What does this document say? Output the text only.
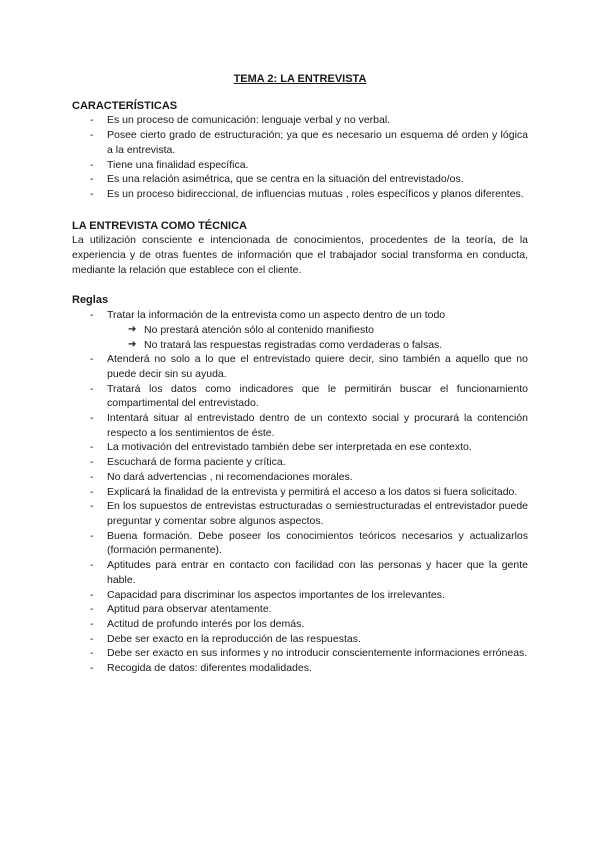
TEMA 2: LA ENTREVISTA

CARACTERÍSTICAS

- Es un proceso de comunicación: lenguaje verbal y no verbal.
- Posee cierto grado de estructuración; ya que es necesario un esquema dé orden y lógica a la entrevista.
- Tiene una finalidad específica.
- Es una relación asimétrica, que se centra en la situación del entrevistado/os.
- Es un proceso bidireccional, de influencias mutuas , roles específicos y planos diferentes.

LA ENTREVISTA COMO TÉCNICA

La utilización consciente e intencionada de conocimientos, procedentes de la teoría, de la experiencia y de otras fuentes de información que el trabajador social transforma en conducta, mediante la relación que establece con el cliente.

Reglas

- Tratar la información de la entrevista como un aspecto dentro de un todo
➔ No prestará atención sólo al contenido manifiesto
➔ No tratará las respuestas registradas como verdaderas o falsas.
- Atenderá no solo a lo que el entrevistado quiere decir, sino también a aquello que no puede decir sin su ayuda.
- Tratará los datos como indicadores que le permitirán buscar el funcionamiento compartimental del entrevistado.
- Intentará situar al entrevistado dentro de un contexto social y procurará la contención respecto a los sentimientos de éste.
- La motivación del entrevistado también debe ser interpretada en ese contexto.
- Escuchará de forma paciente y crítica.
- No dará advertencias , ni recomendaciones morales.
- Explicará la finalidad de la entrevista y permitirá el acceso a los datos si fuera solicitado.
- En los supuestos de entrevistas estructuradas o semiestructuradas el entrevistador puede preguntar y comentar sobre algunos aspectos.
- Buena formación. Debe poseer los conocimientos teóricos necesarios y actualizarlos (formación permanente).
- Aptitudes para entrar en contacto con facilidad con las personas y hacer que la gente hable.
- Capacidad para discriminar los aspectos importantes de los irrelevantes.
- Aptitud para observar atentamente.
- Actitud de profundo interés por los demás.
- Debe ser exacto en la reproducción de las respuestas.
- Debe ser exacto en sus informes y no introducir conscientemente informaciones erróneas.
- Recogida de datos: diferentes modalidades.
